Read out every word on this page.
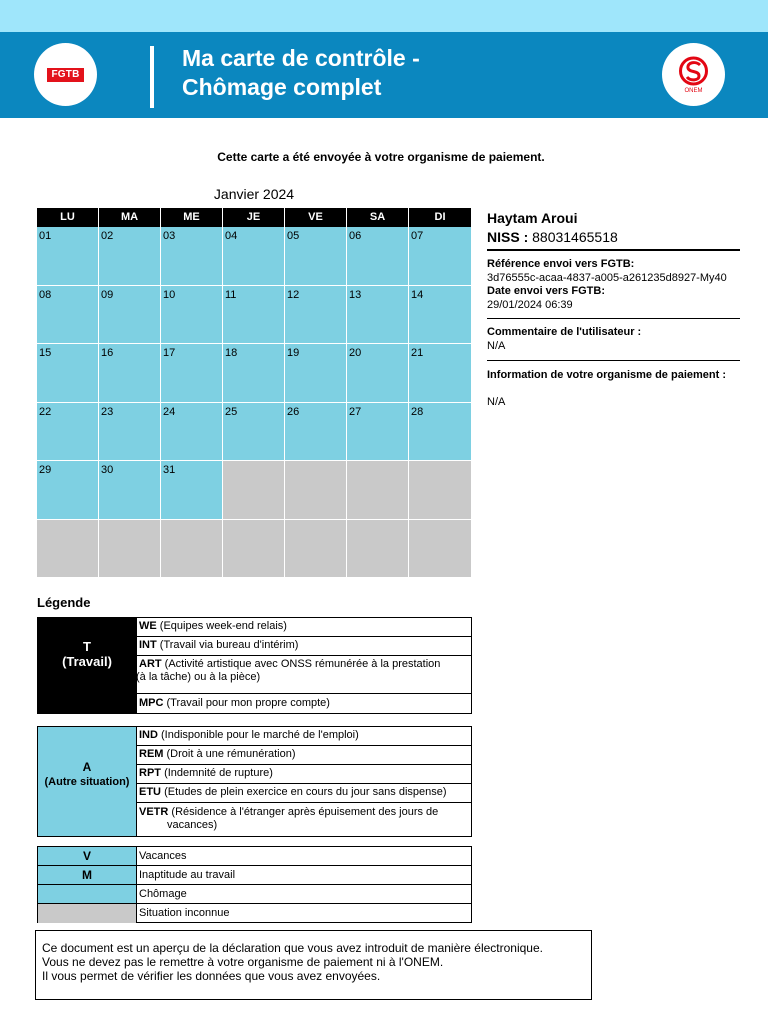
FGTB
Ma carte de contrôle -
Chômage complet	ONEM
Cette carte a été envoyée à votre organisme de paiement.
Janvier 2024
LU	MA	ME	JE	VE	SA	DI
01	02	03	04	05	06	07
08	09	10	11	12	13	14
15	16	17	18	19	20	21
22	23	24	25	26	27	28
29	30	31
Haytam Aroui
NISS : 88031465518
Référence envoi vers FGTB:
3d76555c-acaa-4837-a005-a261235d8927-My40
Date envoi vers FGTB:
29/01/2024 06:39
Commentaire de l'utilisateur :
N/A
Information de votre organisme de paiement :
N/A
Légende
T
(Travail)
WE (Equipes week-end relais)
INT (Travail via bureau d'intérim)
ART (Activité artistique avec ONSS rémunérée à la prestation
(à la tâche) ou à la pièce)
MPC (Travail pour mon propre compte)
A
(Autre situation)
IND (Indisponible pour le marché de l'emploi)
REM (Droit à une rémunération)
RPT (Indemnité de rupture)
ETU (Etudes de plein exercice en cours du jour sans dispense)
VETR (Résidence à l'étranger après épuisement des jours de
vacances)
V	Vacances
M	Inaptitude au travail
Chômage
Situation inconnue
Ce document est un aperçu de la déclaration que vous avez introduit de manière électronique.
Vous ne devez pas le remettre à votre organisme de paiement ni à l'ONEM.
Il vous permet de vérifier les données que vous avez envoyées.
